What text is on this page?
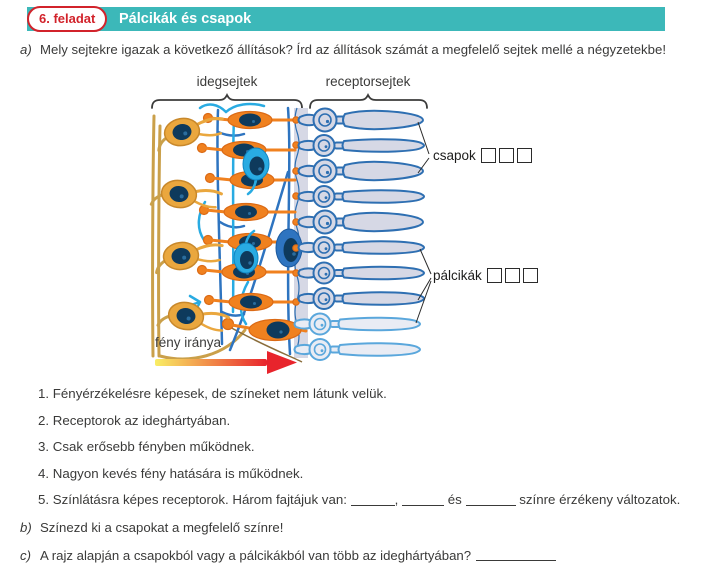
6. feladat	Pálcikák és csapok
a) Mely sejtekre igazak a következő állítások? Írd az állítások számát a megfelelő sejtek mellé a négyzetekbe!
idegsejtek	receptorsejtek
csapok
pálcikák
fény iránya
1. Fényérzékelésre képesek, de színeket nem látunk velük.
2. Receptorok az ideghártyában.
3. Csak erősebb fényben működnek.
4. Nagyon kevés fény hatására is működnek.
5. Színlátásra képes receptorok. Három fajtájuk van:	,	és	színre érzékeny változatok.
b) Színezd ki a csapokat a megfelelő színre!
c) A rajz alapján a csapokból vagy a pálcikákból van több az ideghártyában?
